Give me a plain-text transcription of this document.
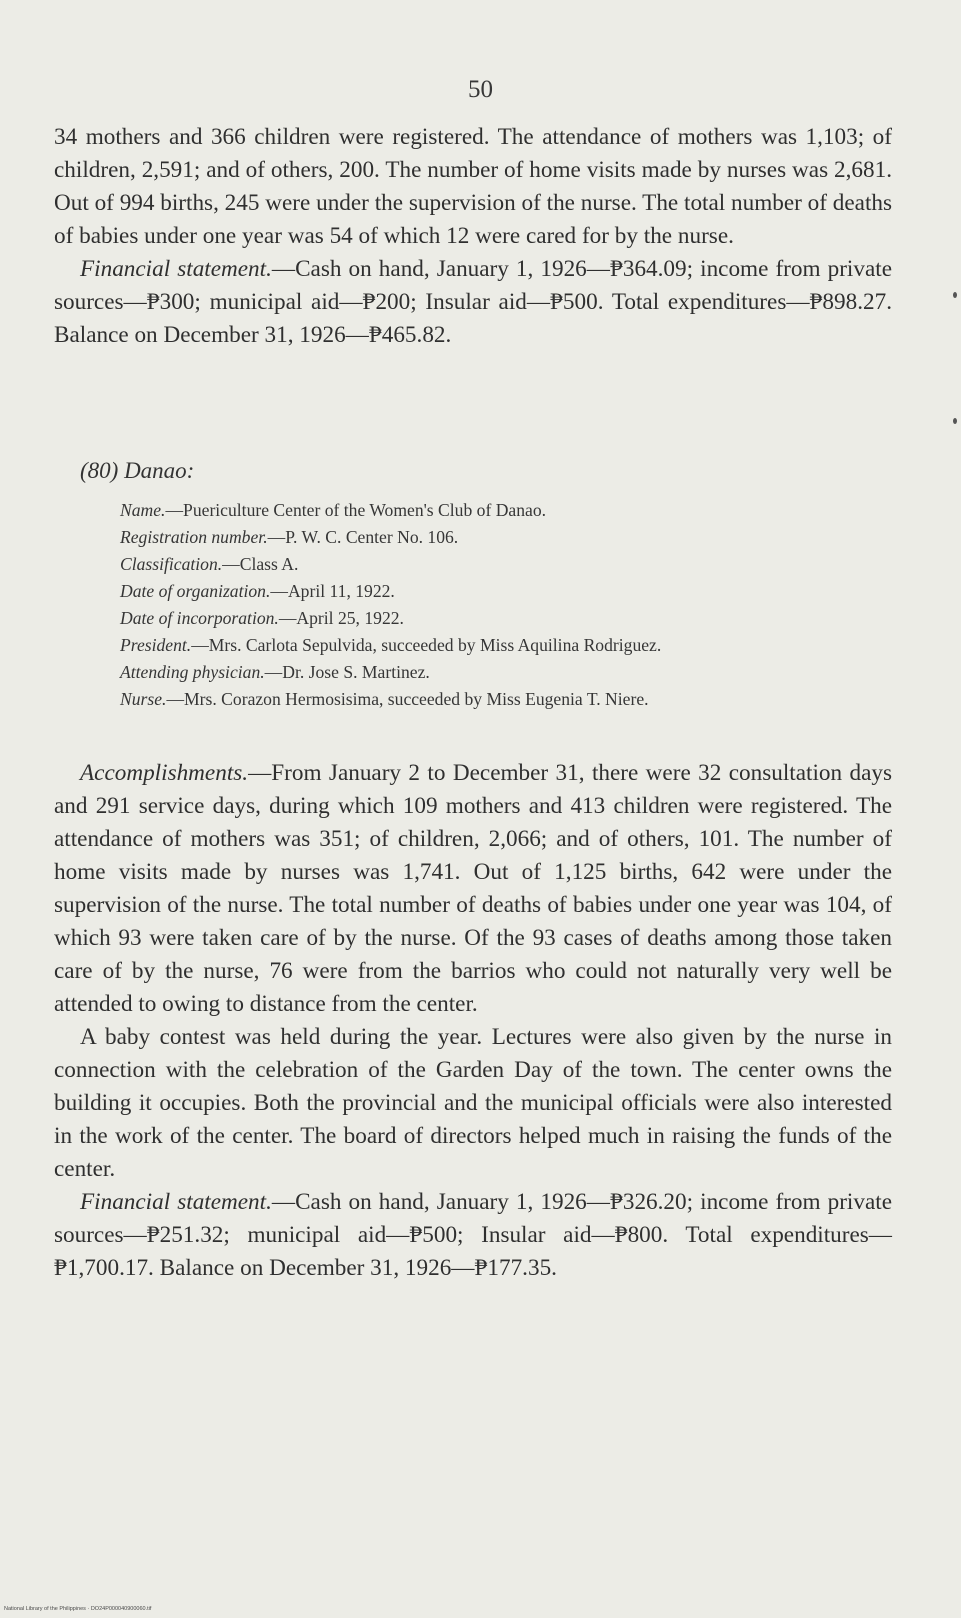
50

34 mothers and 366 children were registered. The attendance of mothers was 1,103; of children, 2,591; and of others, 200. The number of home visits made by nurses was 2,681. Out of 994 births, 245 were under the supervision of the nurse. The total number of deaths of babies under one year was 54 of which 12 were cared for by the nurse.

Financial statement.—Cash on hand, January 1, 1926—₱364.09; income from private sources—₱300; municipal aid—₱200; Insular aid—₱500. Total expenditures—₱898.27. Balance on December 31, 1926—₱465.82.

(80) Danao:
Name.—Puericulture Center of the Women's Club of Danao.
Registration number.—P. W. C. Center No. 106.
Classification.—Class A.
Date of organization.—April 11, 1922.
Date of incorporation.—April 25, 1922.
President.—Mrs. Carlota Sepulvida, succeeded by Miss Aquilina Rodriguez.
Attending physician.—Dr. Jose S. Martinez.
Nurse.—Mrs. Corazon Hermosisima, succeeded by Miss Eugenia T. Niere.

Accomplishments.—From January 2 to December 31, there were 32 consultation days and 291 service days, during which 109 mothers and 413 children were registered. The attendance of mothers was 351; of children, 2,066; and of others, 101. The number of home visits made by nurses was 1,741. Out of 1,125 births, 642 were under the supervision of the nurse. The total number of deaths of babies under one year was 104, of which 93 were taken care of by the nurse. Of the 93 cases of deaths among those taken care of by the nurse, 76 were from the barrios who could not naturally very well be attended to owing to distance from the center.

A baby contest was held during the year. Lectures were also given by the nurse in connection with the celebration of the Garden Day of the town. The center owns the building it occupies. Both the provincial and the municipal officials were also interested in the work of the center. The board of directors helped much in raising the funds of the center.

Financial statement.—Cash on hand, January 1, 1926—₱326.20; income from private sources—₱251.32; municipal aid—₱500; Insular aid—₱800. Total expenditures—₱1,700.17. Balance on December 31, 1926—₱177.35.

National Library of the Philippines · DO24P000040900060.tif
